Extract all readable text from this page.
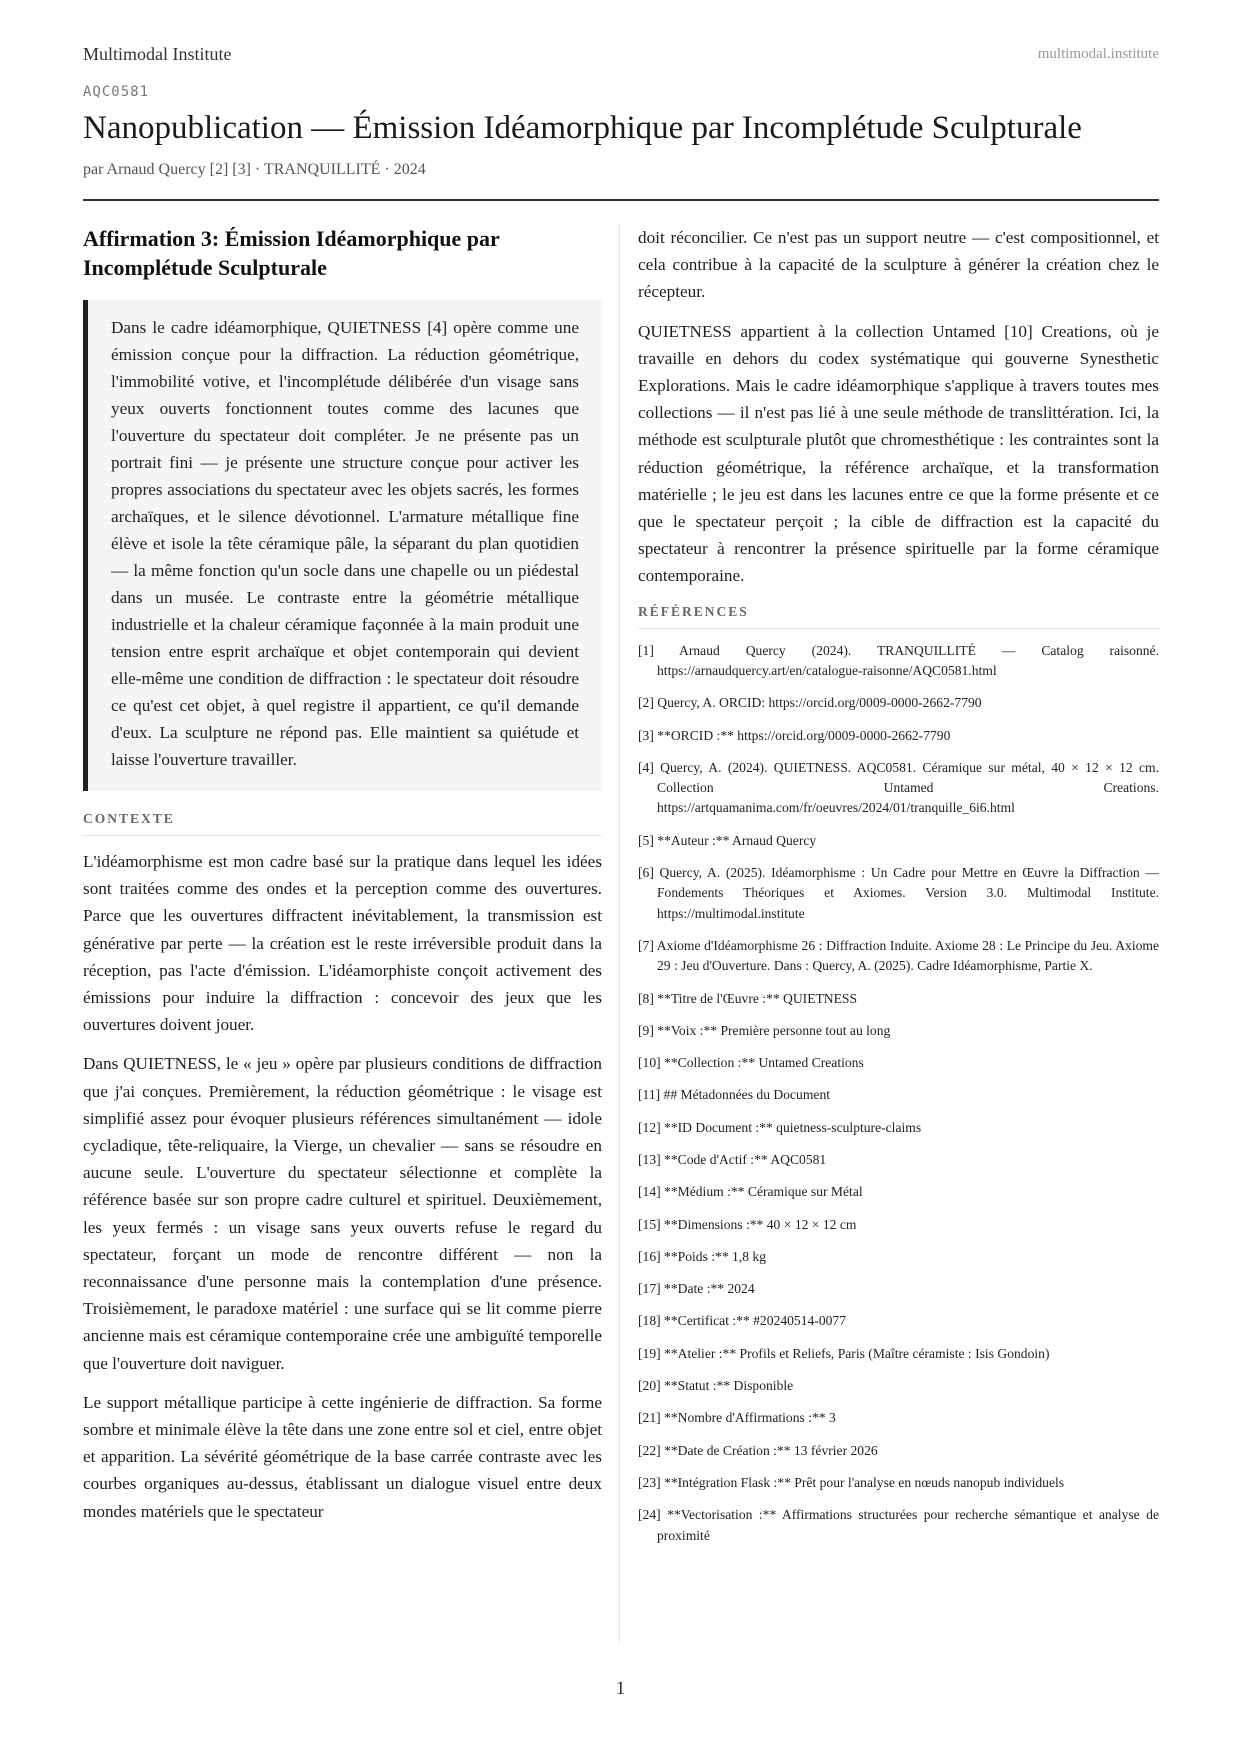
Multimodal Institute	multimodal.institute
AQC0581
Nanopublication — Émission Idéamorphique par Incomplétude Sculpturale
par Arnaud Quercy [2] [3] · TRANQUILLITÉ · 2024
Affirmation 3: Émission Idéamorphique par Incomplétude Sculpturale
Dans le cadre idéamorphique, QUIETNESS [4] opère comme une émission conçue pour la diffraction. La réduction géométrique, l'immobilité votive, et l'incomplétude délibérée d'un visage sans yeux ouverts fonctionnent toutes comme des lacunes que l'ouverture du spectateur doit compléter. Je ne présente pas un portrait fini — je présente une structure conçue pour activer les propres associations du spectateur avec les objets sacrés, les formes archaïques, et le silence dévotionnel. L'armature métallique fine élève et isole la tête céramique pâle, la séparant du plan quotidien — la même fonction qu'un socle dans une chapelle ou un piédestal dans un musée. Le contraste entre la géométrie métallique industrielle et la chaleur céramique façonnée à la main produit une tension entre esprit archaïque et objet contemporain qui devient elle-même une condition de diffraction : le spectateur doit résoudre ce qu'est cet objet, à quel registre il appartient, ce qu'il demande d'eux. La sculpture ne répond pas. Elle maintient sa quiétude et laisse l'ouverture travailler.
CONTEXTE

L'idéamorphisme est mon cadre basé sur la pratique dans lequel les idées sont traitées comme des ondes et la perception comme des ouvertures. Parce que les ouvertures diffractent inévitablement, la transmission est générative par perte — la création est le reste irréversible produit dans la réception, pas l'acte d'émission. L'idéamorphiste conçoit activement des émissions pour induire la diffraction : concevoir des jeux que les ouvertures doivent jouer.

Dans QUIETNESS, le « jeu » opère par plusieurs conditions de diffraction que j'ai conçues. Premièrement, la réduction géométrique : le visage est simplifié assez pour évoquer plusieurs références simultanément — idole cycladique, tête-reliquaire, la Vierge, un chevalier — sans se résoudre en aucune seule. L'ouverture du spectateur sélectionne et complète la référence basée sur son propre cadre culturel et spirituel. Deuxièmement, les yeux fermés : un visage sans yeux ouverts refuse le regard du spectateur, forçant un mode de rencontre différent — non la reconnaissance d'une personne mais la contemplation d'une présence. Troisièmement, le paradoxe matériel : une surface qui se lit comme pierre ancienne mais est céramique contemporaine crée une ambiguïté temporelle que l'ouverture doit naviguer.

Le support métallique participe à cette ingénierie de diffraction. Sa forme sombre et minimale élève la tête dans une zone entre sol et ciel, entre objet et apparition. La sévérité géométrique de la base carrée contraste avec les courbes organiques au-dessus, établissant un dialogue visuel entre deux mondes matériels que le spectateur

doit réconcilier. Ce n'est pas un support neutre — c'est compositionnel, et cela contribue à la capacité de la sculpture à générer la création chez le récepteur.

QUIETNESS appartient à la collection Untamed [10] Creations, où je travaille en dehors du codex systématique qui gouverne Synesthetic Explorations. Mais le cadre idéamorphique s'applique à travers toutes mes collections — il n'est pas lié à une seule méthode de translittération. Ici, la méthode est sculpturale plutôt que chromesthétique : les contraintes sont la réduction géométrique, la référence archaïque, et la transformation matérielle ; le jeu est dans les lacunes entre ce que la forme présente et ce que le spectateur perçoit ; la cible de diffraction est la capacité du spectateur à rencontrer la présence spirituelle par la forme céramique contemporaine.

RÉFÉRENCES
[1] Arnaud Quercy (2024). TRANQUILLITÉ — Catalog raisonné. https://arnaudquercy.art/en/catalogue-raisonne/AQC0581.html
[2] Quercy, A. ORCID: https://orcid.org/0009-0000-2662-7790
[3] **ORCID :** https://orcid.org/0009-0000-2662-7790
[4] Quercy, A. (2024). QUIETNESS. AQC0581. Céramique sur métal, 40 × 12 × 12 cm. Collection Untamed Creations. https://artquamanima.com/fr/oeuvres/2024/01/tranquille_6i6.html
[5] **Auteur :** Arnaud Quercy
[6] Quercy, A. (2025). Idéamorphisme : Un Cadre pour Mettre en Œuvre la Diffraction — Fondements Théoriques et Axiomes. Version 3.0. Multimodal Institute. https://multimodal.institute
[7] Axiome d'Idéamorphisme 26 : Diffraction Induite. Axiome 28 : Le Principe du Jeu. Axiome 29 : Jeu d'Ouverture. Dans : Quercy, A. (2025). Cadre Idéamorphisme, Partie X.
[8] **Titre de l'Œuvre :** QUIETNESS
[9] **Voix :** Première personne tout au long
[10] **Collection :** Untamed Creations
[11] ## Métadonnées du Document
[12] **ID Document :** quietness-sculpture-claims
[13] **Code d'Actif :** AQC0581
[14] **Médium :** Céramique sur Métal
[15] **Dimensions :** 40 × 12 × 12 cm
[16] **Poids :** 1,8 kg
[17] **Date :** 2024
[18] **Certificat :** #20240514-0077
[19] **Atelier :** Profils et Reliefs, Paris (Maître céramiste : Isis Gondoin)
[20] **Statut :** Disponible
[21] **Nombre d'Affirmations :** 3
[22] **Date de Création :** 13 février 2026
[23] **Intégration Flask :** Prêt pour l'analyse en nœuds nanopub individuels
[24] **Vectorisation :** Affirmations structurées pour recherche sémantique et analyse de proximité
1
